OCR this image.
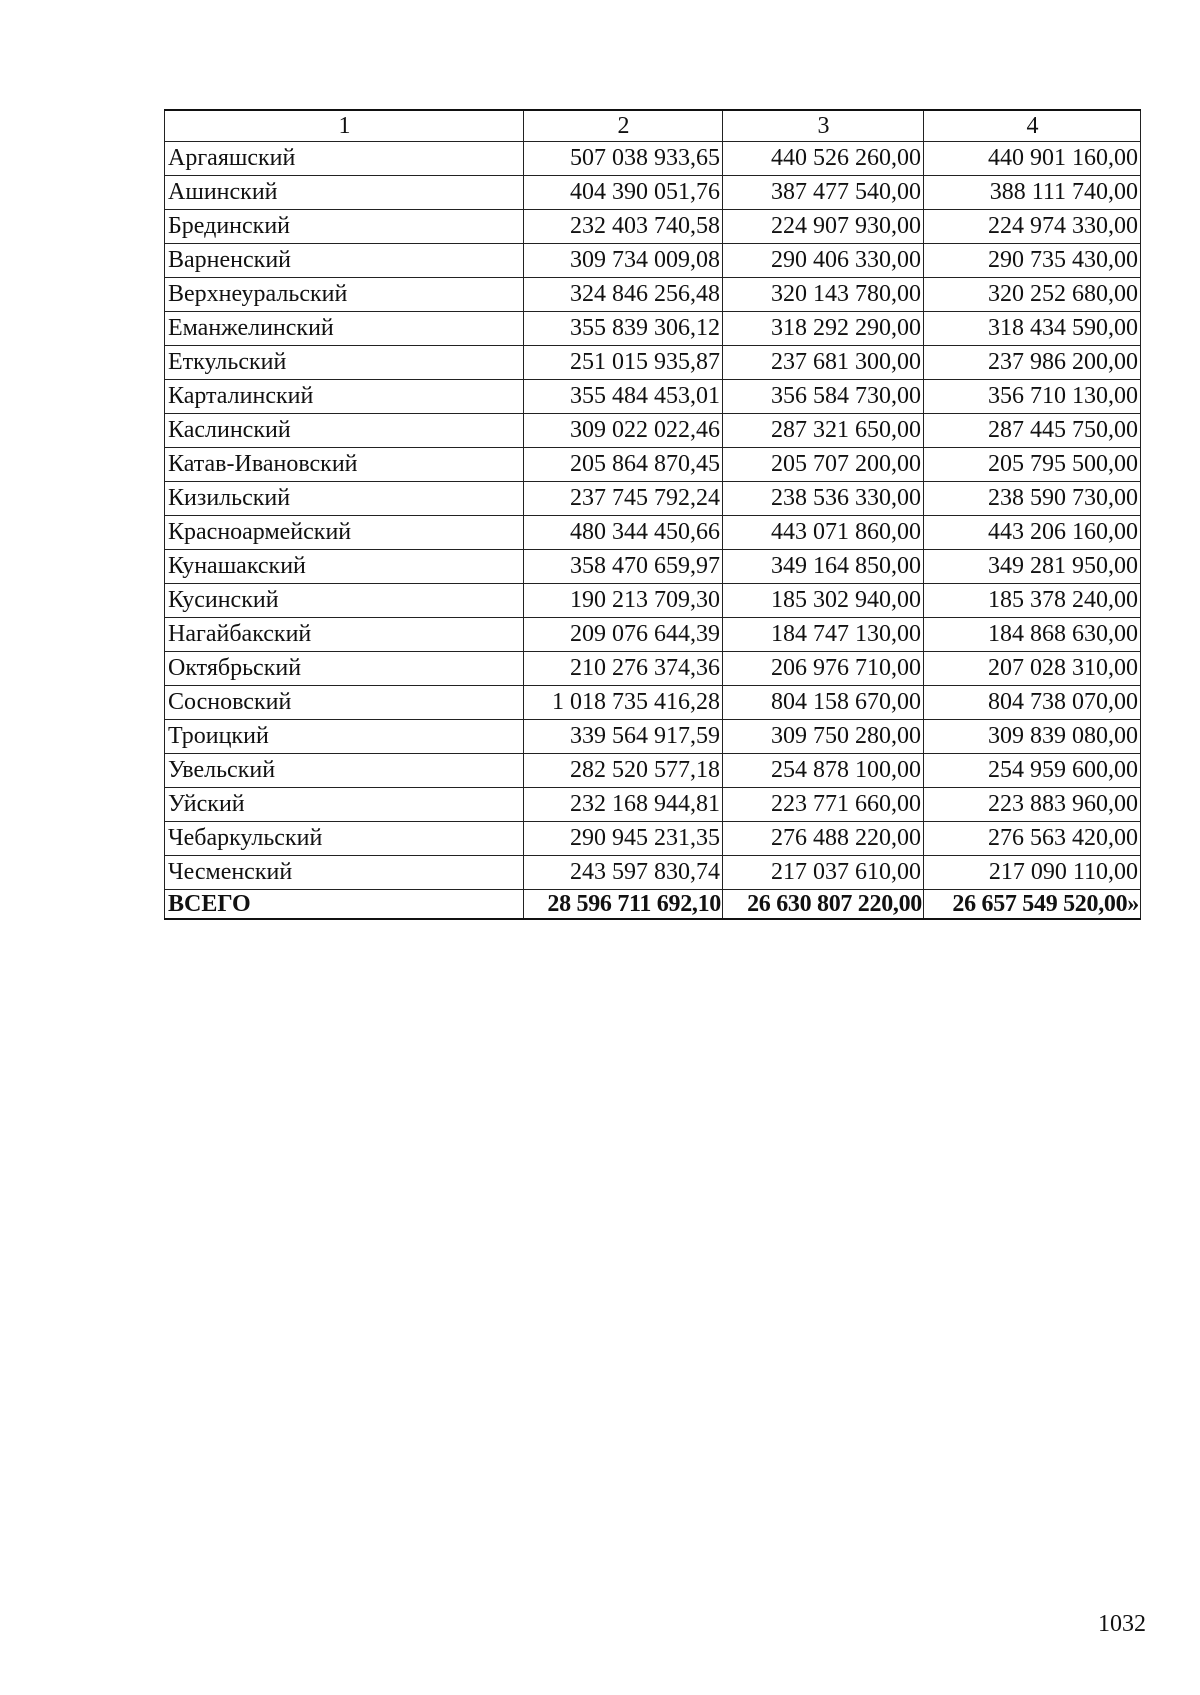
1	2	3	4
Аргаяшский	507 038 933,65	440 526 260,00	440 901 160,00
Ашинский	404 390 051,76	387 477 540,00	388 111 740,00
Брединский	232 403 740,58	224 907 930,00	224 974 330,00
Варненский	309 734 009,08	290 406 330,00	290 735 430,00
Верхнеуральский	324 846 256,48	320 143 780,00	320 252 680,00
Еманжелинский	355 839 306,12	318 292 290,00	318 434 590,00
Еткульский	251 015 935,87	237 681 300,00	237 986 200,00
Карталинский	355 484 453,01	356 584 730,00	356 710 130,00
Каслинский	309 022 022,46	287 321 650,00	287 445 750,00
Катав-Ивановский	205 864 870,45	205 707 200,00	205 795 500,00
Кизильский	237 745 792,24	238 536 330,00	238 590 730,00
Красноармейский	480 344 450,66	443 071 860,00	443 206 160,00
Кунашакский	358 470 659,97	349 164 850,00	349 281 950,00
Кусинский	190 213 709,30	185 302 940,00	185 378 240,00
Нагайбакский	209 076 644,39	184 747 130,00	184 868 630,00
Октябрьский	210 276 374,36	206 976 710,00	207 028 310,00
Сосновский	1 018 735 416,28	804 158 670,00	804 738 070,00
Троицкий	339 564 917,59	309 750 280,00	309 839 080,00
Увельский	282 520 577,18	254 878 100,00	254 959 600,00
Уйский	232 168 944,81	223 771 660,00	223 883 960,00
Чебаркульский	290 945 231,35	276 488 220,00	276 563 420,00
Чесменский	243 597 830,74	217 037 610,00	217 090 110,00
ВСЕГО	28 596 711 692,10	26 630 807 220,00	26 657 549 520,00»
1032
